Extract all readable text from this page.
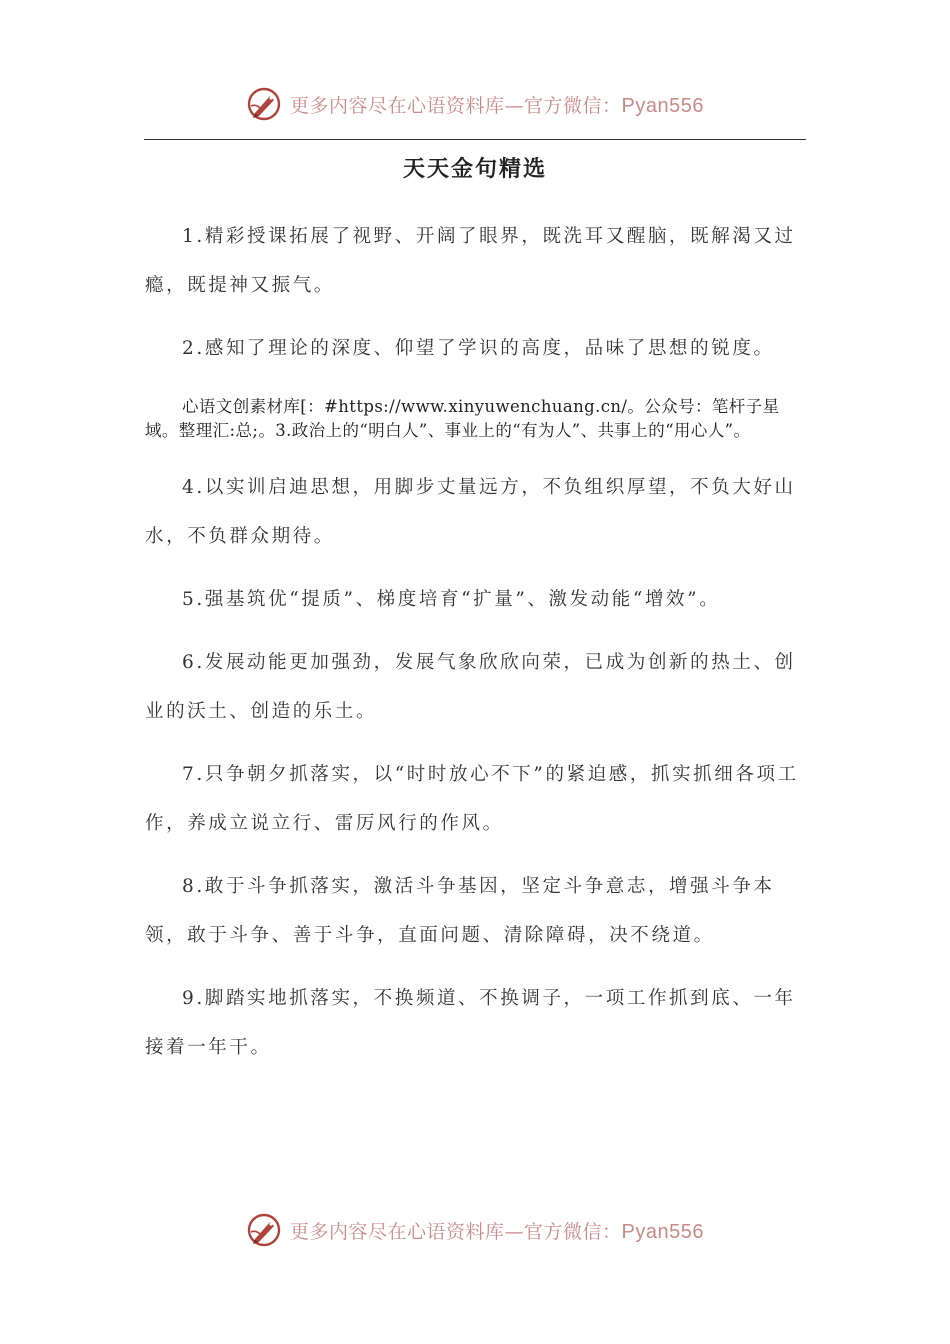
更多内容尽在心语资料库—官方微信：Pyan556
天天金句精选

1.精彩授课拓展了视野、开阔了眼界，既洗耳又醒脑，既解渴又过瘾，既提神又振气。

2.感知了理论的深度、仰望了学识的高度，品味了思想的锐度。

心语文创素材库[：#https://www.xinyuwenchuang.cn/。公众号：笔杆子星域。整理汇:总;。3.政治上的“明白人”、事业上的“有为人”、共事上的“用心人”。

4.以实训启迪思想，用脚步丈量远方，不负组织厚望，不负大好山水，不负群众期待。

5.强基筑优“提质”、梯度培育“扩量”、激发动能“增效”。

6.发展动能更加强劲，发展气象欣欣向荣，已成为创新的热土、创业的沃土、创造的乐土。

7.只争朝夕抓落实，以“时时放心不下”的紧迫感，抓实抓细各项工作，养成立说立行、雷厉风行的作风。

8.敢于斗争抓落实，激活斗争基因，坚定斗争意志，增强斗争本领，敢于斗争、善于斗争，直面问题、清除障碍，决不绕道。

9.脚踏实地抓落实，不换频道、不换调子，一项工作抓到底、一年接着一年干。

更多内容尽在心语资料库—官方微信：Pyan556
